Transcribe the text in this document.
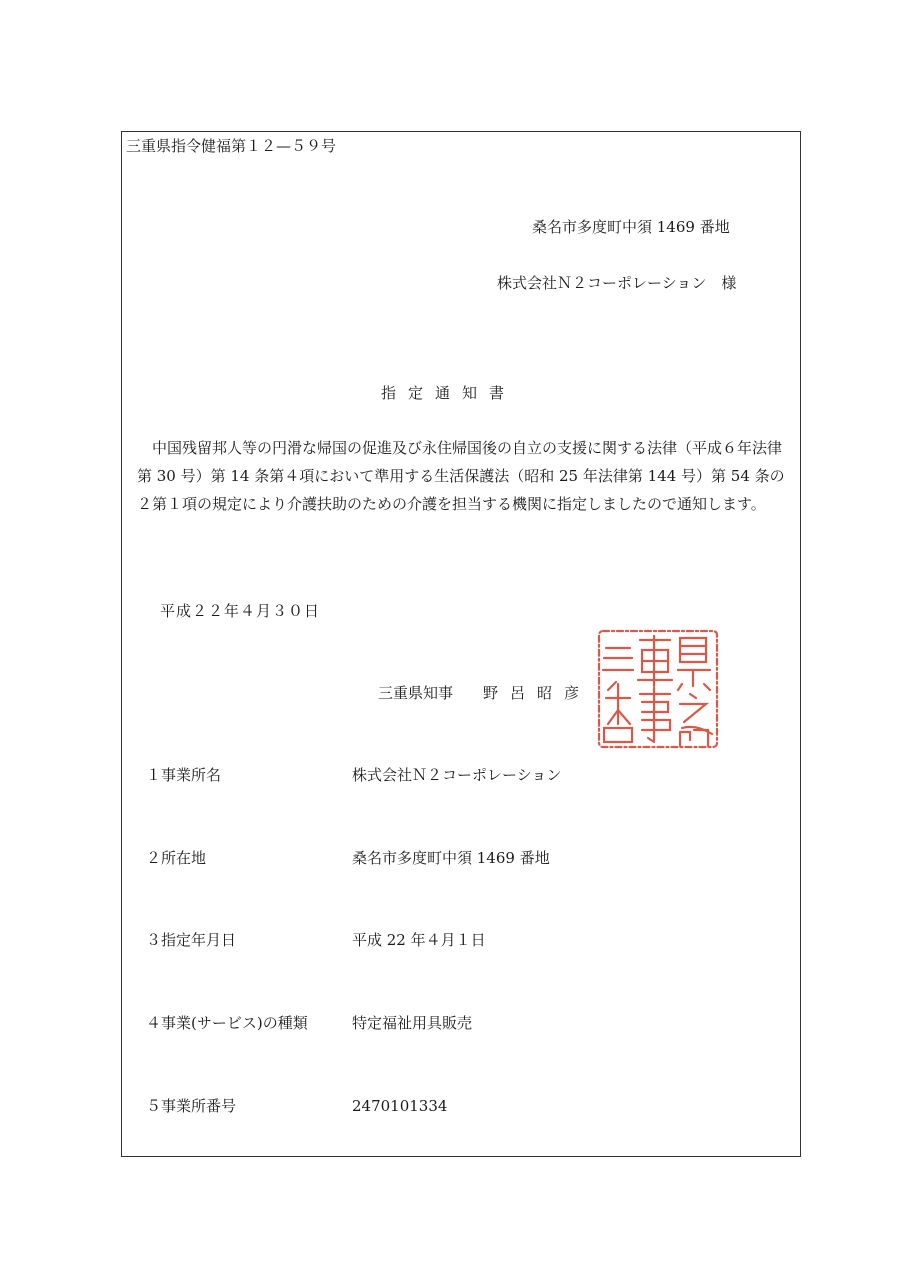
三重県指令健福第１２—５９号
桑名市多度町中須 1469 番地
株式会社Ｎ２コーポレーション　様
指定通知書
中国残留邦人等の円滑な帰国の促進及び永住帰国後の自立の支援に関する法律（平成６年法律第 30 号）第 14 条第４項において準用する生活保護法（昭和 25 年法律第 144 号）第 54 条の２第１項の規定により介護扶助のための介護を担当する機関に指定しましたので通知します。
平成２２年４月３０日
三重県知事 野呂昭彦
１事業所名	株式会社Ｎ２コーポレーション
２所在地	桑名市多度町中須 1469 番地
３指定年月日	平成 22 年４月１日
４事業(サービス)の種類	特定福祉用具販売
５事業所番号	2470101334
